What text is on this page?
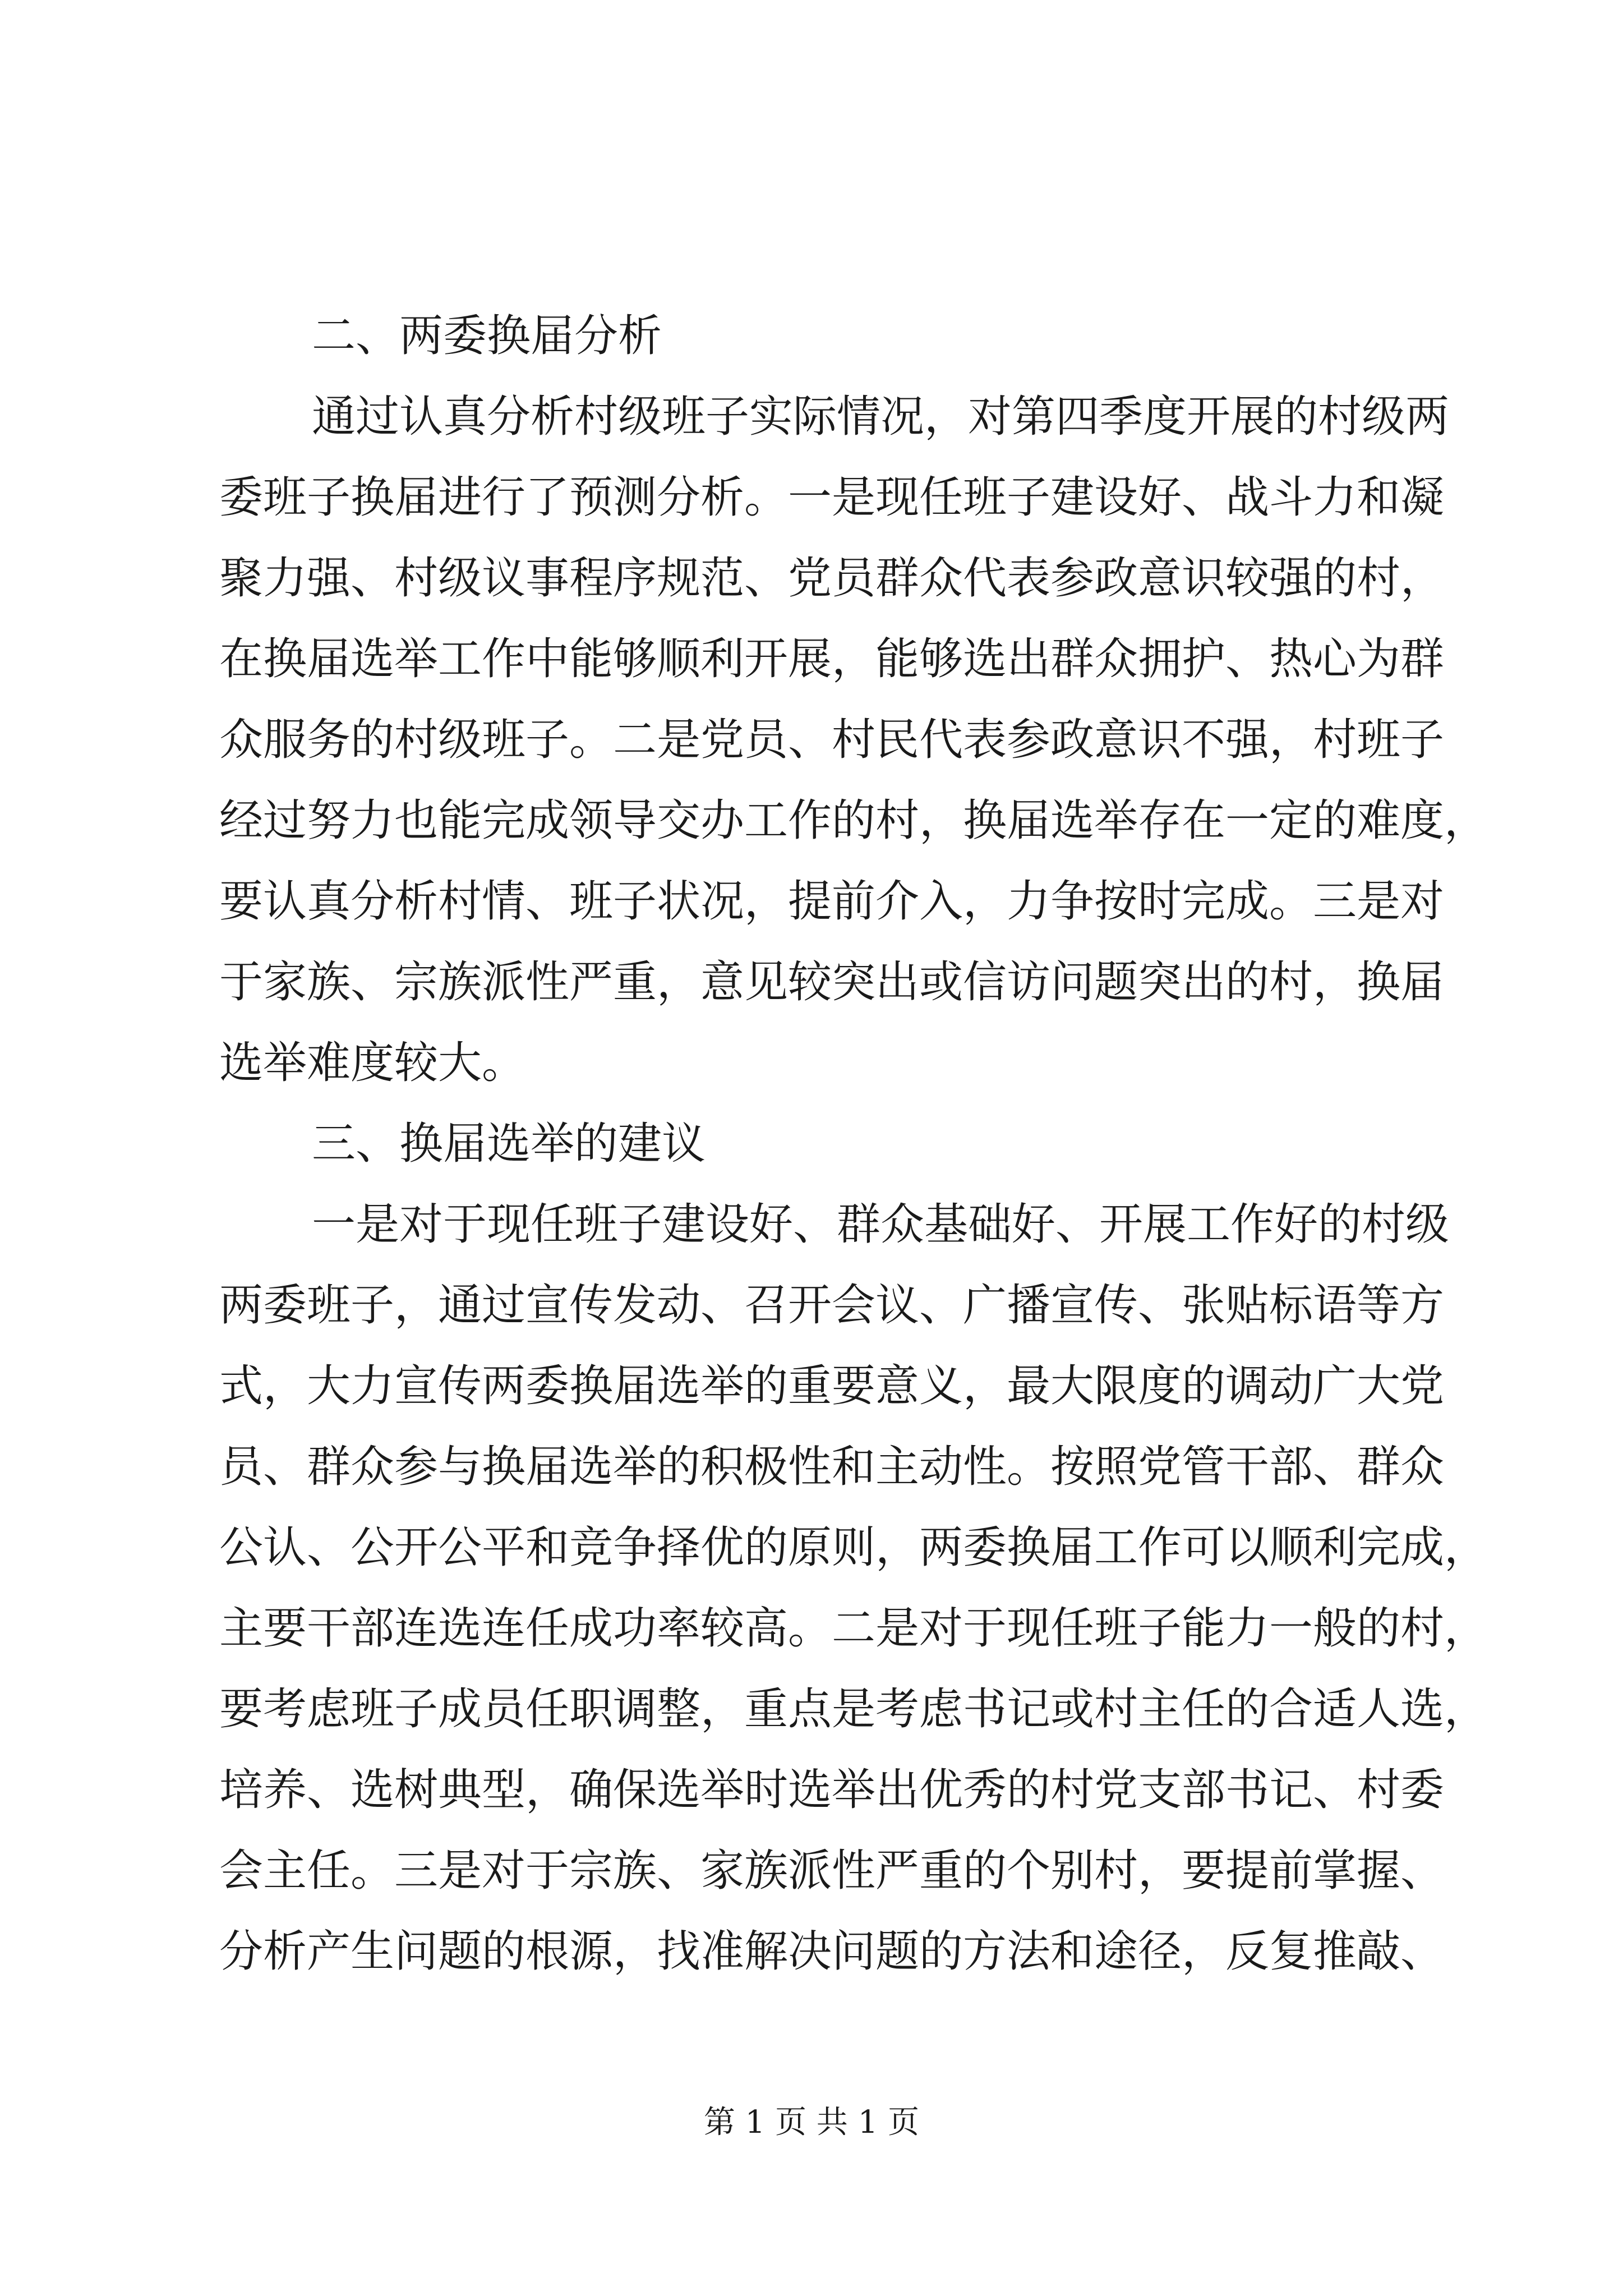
二、两委换届分析
通过认真分析村级班子实际情况，对第四季度开展的村级两
委班子换届进行了预测分析。一是现任班子建设好、战斗力和凝
聚力强、村级议事程序规范、党员群众代表参政意识较强的村，
在换届选举工作中能够顺利开展，能够选出群众拥护、热心为群
众服务的村级班子。二是党员、村民代表参政意识不强，村班子
经过努力也能完成领导交办工作的村，换届选举存在一定的难度，
要认真分析村情、班子状况，提前介入，力争按时完成。三是对
于家族、宗族派性严重，意见较突出或信访问题突出的村，换届
选举难度较大。
三、换届选举的建议
一是对于现任班子建设好、群众基础好、开展工作好的村级
两委班子，通过宣传发动、召开会议、广播宣传、张贴标语等方
式，大力宣传两委换届选举的重要意义，最大限度的调动广大党
员、群众参与换届选举的积极性和主动性。按照党管干部、群众
公认、公开公平和竞争择优的原则，两委换届工作可以顺利完成，
主要干部连选连任成功率较高。二是对于现任班子能力一般的村，
要考虑班子成员任职调整，重点是考虑书记或村主任的合适人选，
培养、选树典型，确保选举时选举出优秀的村党支部书记、村委
会主任。三是对于宗族、家族派性严重的个别村，要提前掌握、
分析产生问题的根源，找准解决问题的方法和途径，反复推敲、
第 1 页 共 1 页
